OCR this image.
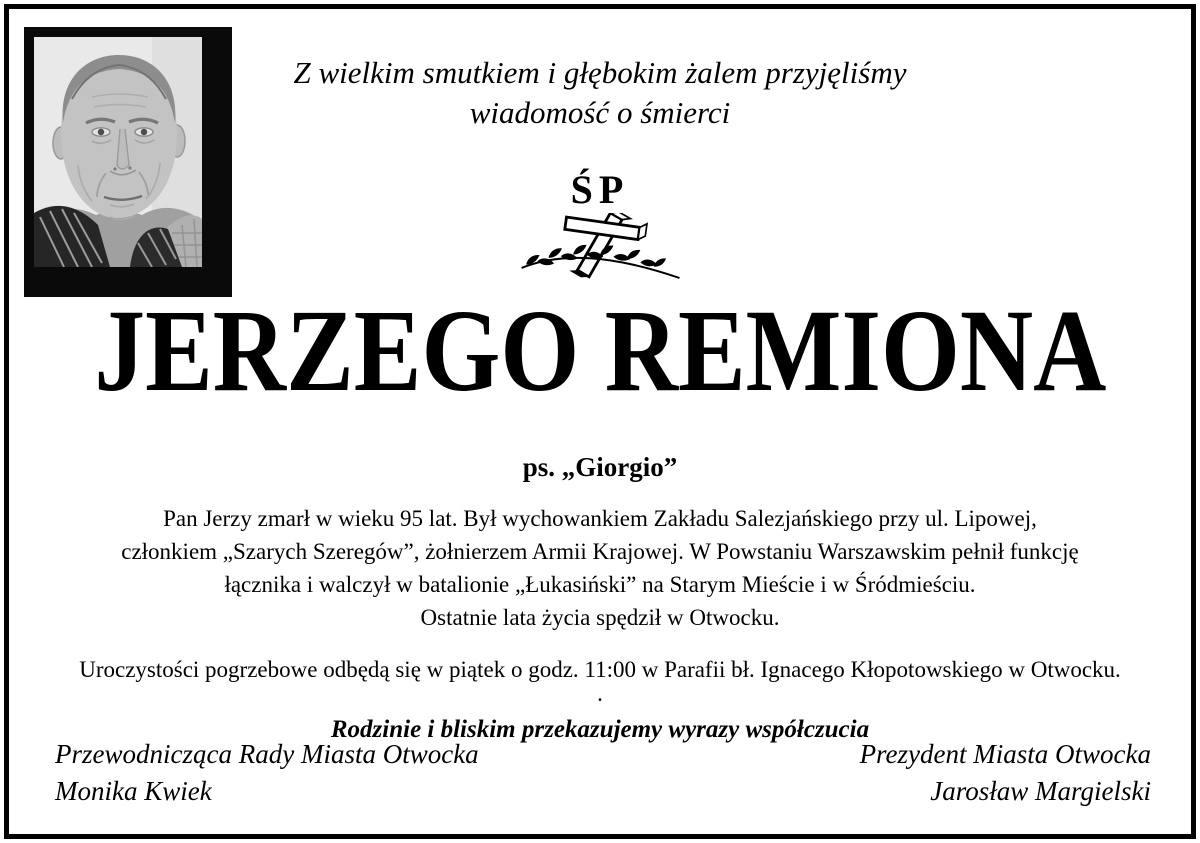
Z wielkim smutkiem i głębokim żalem przyjęliśmy
wiadomość o śmierci
ŚP
JERZEGO REMIONA
ps. „Giorgio”
Pan Jerzy zmarł w wieku 95 lat. Był wychowankiem Zakładu Salezjańskiego przy ul. Lipowej,
członkiem „Szarych Szeregów”, żołnierzem Armii Krajowej. W Powstaniu Warszawskim pełnił funkcję
łącznika i walczył w batalionie „Łukasiński” na Starym Mieście i w Śródmieściu.
Ostatnie lata życia spędził w Otwocku.
Uroczystości pogrzebowe odbędą się w piątek o godz. 11:00 w Parafii bł. Ignacego Kłopotowskiego w Otwocku.
.
Rodzinie i bliskim przekazujemy wyrazy współczucia
Przewodnicząca Rady Miasta Otwocka
Monika Kwiek
Prezydent Miasta Otwocka
Jarosław Margielski
